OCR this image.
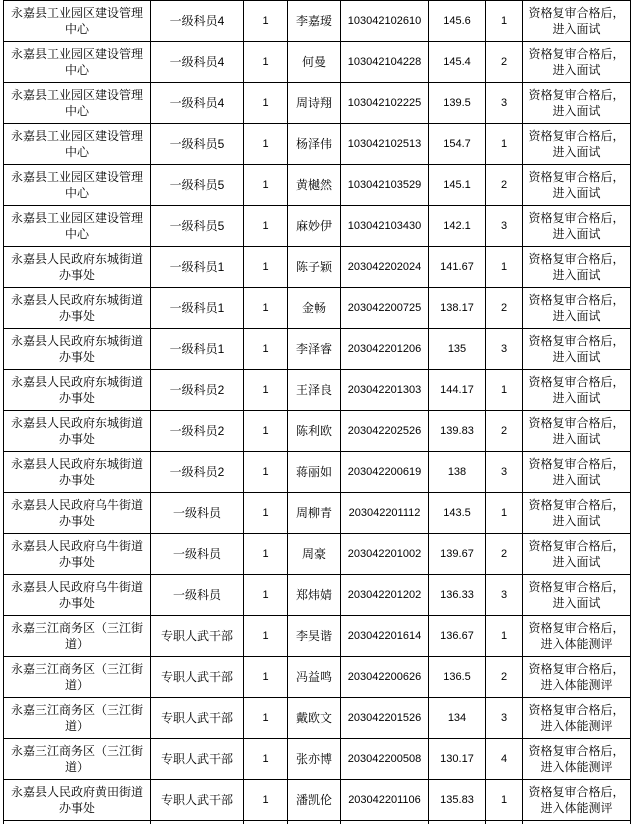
永嘉县工业园区建设管理中心	一级科员4	1	李嘉瑷	103042102610	145.6	1	资格复审合格后，进入面试
永嘉县工业园区建设管理中心	一级科员4	1	何曼	103042104228	145.4	2	资格复审合格后，进入面试
永嘉县工业园区建设管理中心	一级科员4	1	周诗翔	103042102225	139.5	3	资格复审合格后，进入面试
永嘉县工业园区建设管理中心	一级科员5	1	杨泽伟	103042102513	154.7	1	资格复审合格后，进入面试
永嘉县工业园区建设管理中心	一级科员5	1	黄樾然	103042103529	145.1	2	资格复审合格后，进入面试
永嘉县工业园区建设管理中心	一级科员5	1	麻妙伊	103042103430	142.1	3	资格复审合格后，进入面试
永嘉县人民政府东城街道办事处	一级科员1	1	陈子颖	203042202024	141.67	1	资格复审合格后，进入面试
永嘉县人民政府东城街道办事处	一级科员1	1	金畅	203042200725	138.17	2	资格复审合格后，进入面试
永嘉县人民政府东城街道办事处	一级科员1	1	李泽睿	203042201206	135	3	资格复审合格后，进入面试
永嘉县人民政府东城街道办事处	一级科员2	1	王泽良	203042201303	144.17	1	资格复审合格后，进入面试
永嘉县人民政府东城街道办事处	一级科员2	1	陈利欧	203042202526	139.83	2	资格复审合格后，进入面试
永嘉县人民政府东城街道办事处	一级科员2	1	蒋丽如	203042200619	138	3	资格复审合格后，进入面试
永嘉县人民政府乌牛街道办事处	一级科员	1	周柳青	203042201112	143.5	1	资格复审合格后，进入面试
永嘉县人民政府乌牛街道办事处	一级科员	1	周豪	203042201002	139.67	2	资格复审合格后，进入面试
永嘉县人民政府乌牛街道办事处	一级科员	1	郑炜婧	203042201202	136.33	3	资格复审合格后，进入面试
永嘉三江商务区（三江街道）	专职人武干部	1	李昊谐	203042201614	136.67	1	资格复审合格后，进入体能测评
永嘉三江商务区（三江街道）	专职人武干部	1	冯益鸣	203042200626	136.5	2	资格复审合格后，进入体能测评
永嘉三江商务区（三江街道）	专职人武干部	1	戴欧文	203042201526	134	3	资格复审合格后，进入体能测评
永嘉三江商务区（三江街道）	专职人武干部	1	张亦博	203042200508	130.17	4	资格复审合格后，进入体能测评
永嘉县人民政府黄田街道办事处	专职人武干部	1	潘凯伦	203042201106	135.83	1	资格复审合格后，进入体能测评
